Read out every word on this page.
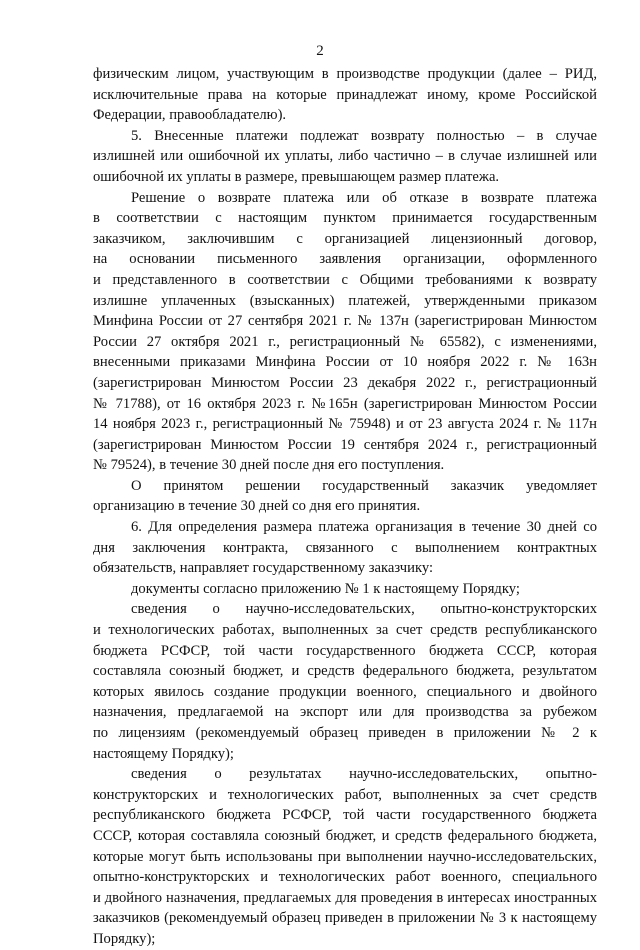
2
физическим лицом, участвующим в производстве продукции (далее – РИД,
исключительные права на которые принадлежат иному, кроме Российской
Федерации, правообладателю).
5. Внесенные платежи подлежат возврату полностью – в случае
излишней или ошибочной их уплаты, либо частично – в случае излишней или
ошибочной их уплаты в размере, превышающем размер платежа.
Решение о возврате платежа или об отказе в возврате платежа
в соответствии с настоящим пунктом принимается государственным
заказчиком, заключившим с организацией лицензионный договор,
на основании письменного заявления организации, оформленного
и представленного в соответствии с Общими требованиями к возврату
излишне уплаченных (взысканных) платежей, утвержденными приказом
Минфина России от 27 сентября 2021 г. № 137н (зарегистрирован Минюстом
России 27 октября 2021 г., регистрационный № 65582), с изменениями,
внесенными приказами Минфина России от 10 ноября 2022 г. № 163н
(зарегистрирован Минюстом России 23 декабря 2022 г., регистрационный
№ 71788), от 16 октября 2023 г. №165н (зарегистрирован Минюстом России
14 ноября 2023 г., регистрационный № 75948) и от 23 августа 2024 г. № 117н
(зарегистрирован Минюстом России 19 сентября 2024 г., регистрационный
№ 79524), в течение 30 дней после дня его поступления.
О принятом решении государственный заказчик уведомляет
организацию в течение 30 дней со дня его принятия.
6. Для определения размера платежа организация в течение 30 дней со
дня заключения контракта, связанного с выполнением контрактных
обязательств, направляет государственному заказчику:
документы согласно приложению № 1 к настоящему Порядку;
сведения о научно-исследовательских, опытно-конструкторских
и технологических работах, выполненных за счет средств республиканского
бюджета РСФСР, той части государственного бюджета СССР, которая
составляла союзный бюджет, и средств федерального бюджета, результатом
которых явилось создание продукции военного, специального и двойного
назначения, предлагаемой на экспорт или для производства за рубежом
по лицензиям (рекомендуемый образец приведен в приложении № 2 к
настоящему Порядку);
сведения о результатах научно-исследовательских, опытно-
конструкторских и технологических работ, выполненных за счет средств
республиканского бюджета РСФСР, той части государственного бюджета
СССР, которая составляла союзный бюджет, и средств федерального бюджета,
которые могут быть использованы при выполнении научно-исследовательских,
опытно-конструкторских и технологических работ военного, специального
и двойного назначения, предлагаемых для проведения в интересах иностранных
заказчиков (рекомендуемый образец приведен в приложении № 3 к настоящему
Порядку);
